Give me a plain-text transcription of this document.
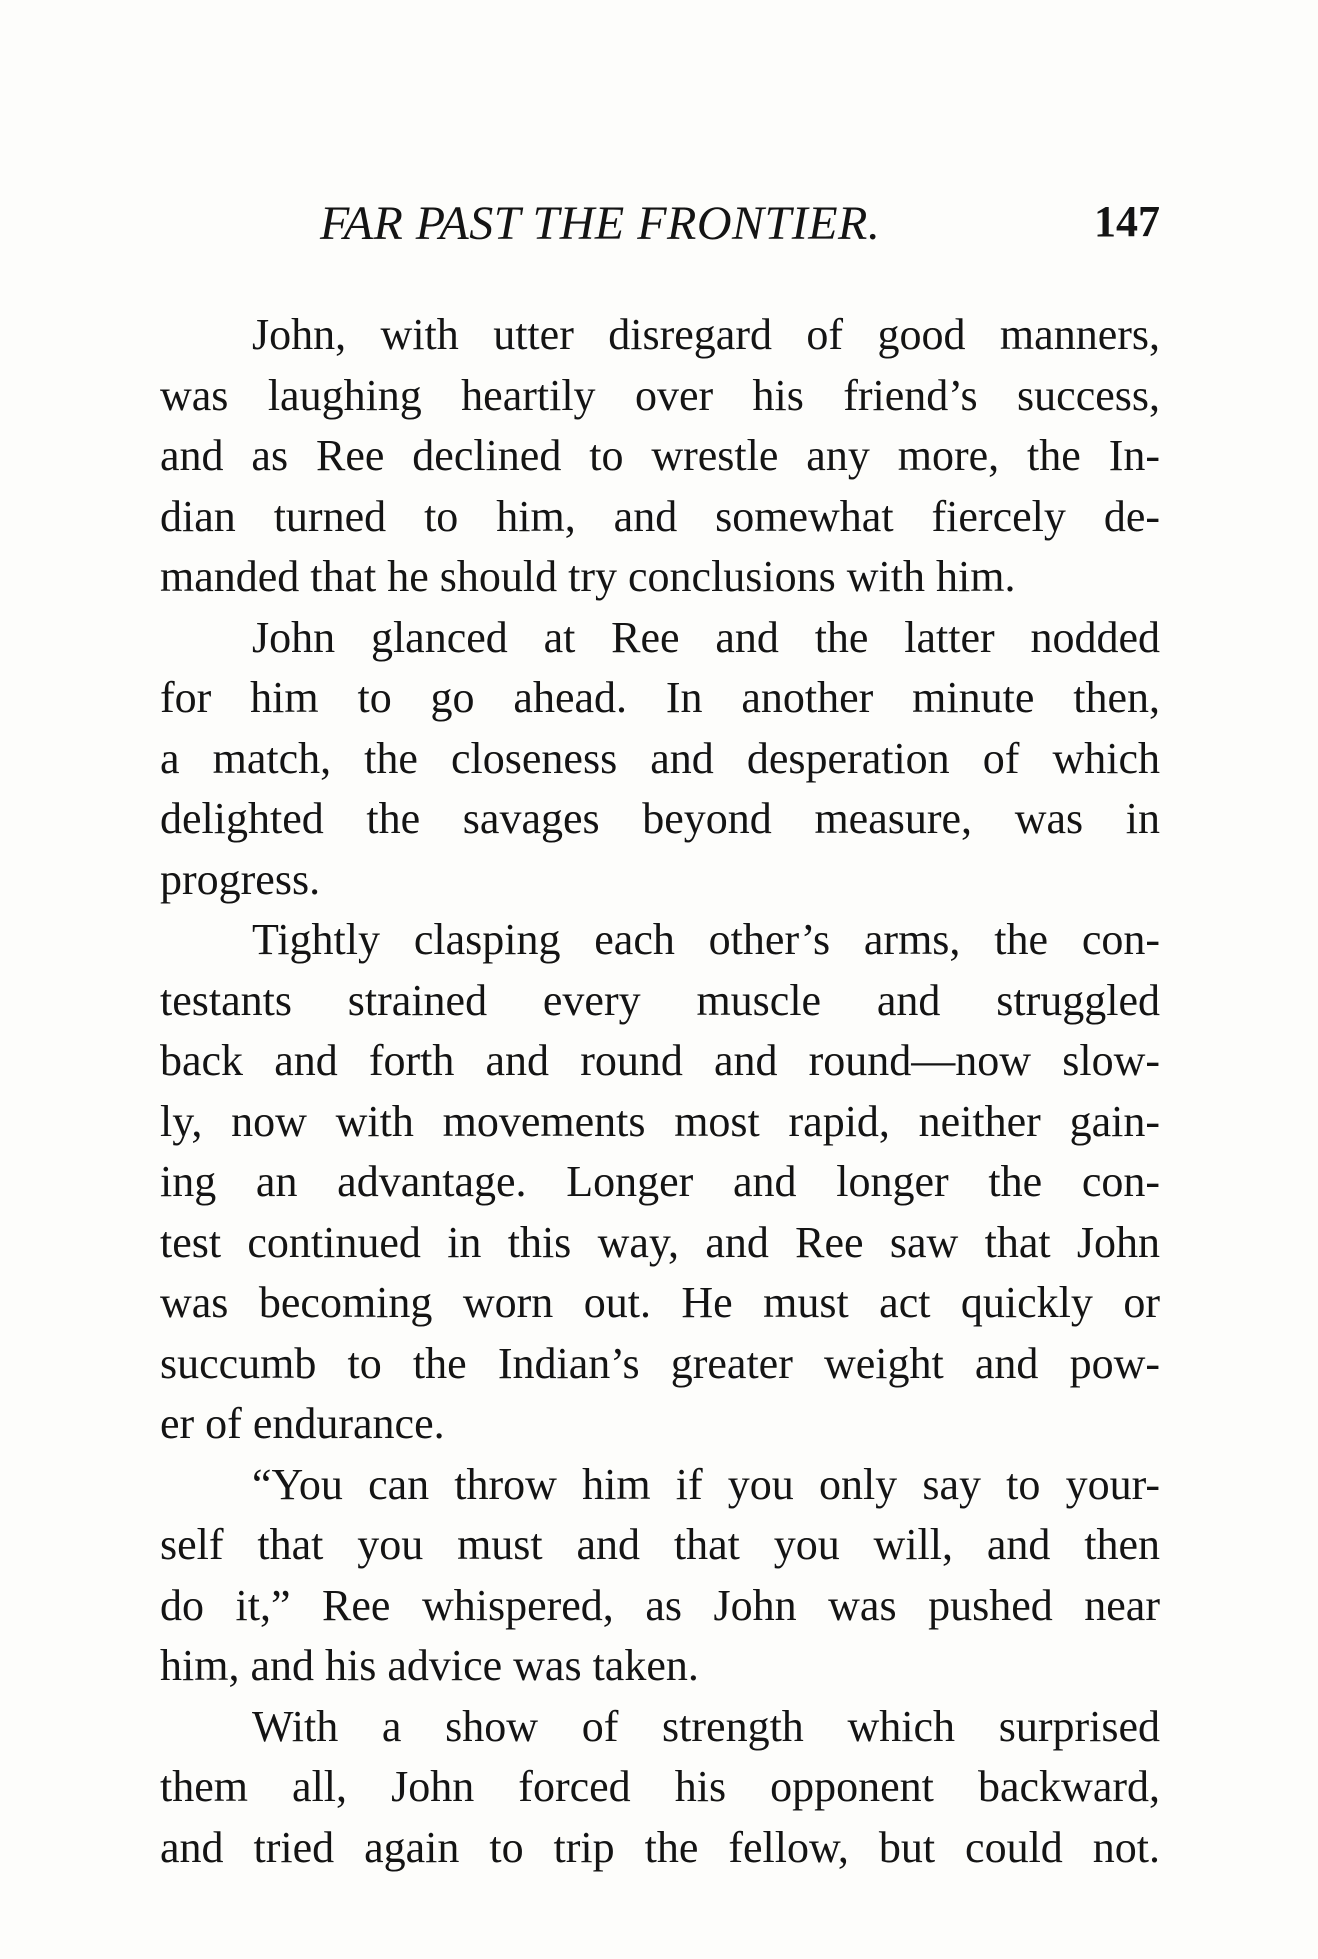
FAR PAST THE FRONTIER.	147
John, with utter disregard of good manners,
was laughing heartily over his friend’s success,
and as Ree declined to wrestle any more, the In-
dian turned to him, and somewhat fiercely de-
manded that he should try conclusions with him.
John glanced at Ree and the latter nodded
for him to go ahead. In another minute then,
a match, the closeness and desperation of which
delighted the savages beyond measure, was in
progress.
Tightly clasping each other’s arms, the con-
testants strained every muscle and struggled
back and forth and round and round—now slow-
ly, now with movements most rapid, neither gain-
ing an advantage. Longer and longer the con-
test continued in this way, and Ree saw that John
was becoming worn out. He must act quickly or
succumb to the Indian’s greater weight and pow-
er of endurance.
“You can throw him if you only say to your-
self that you must and that you will, and then
do it,” Ree whispered, as John was pushed near
him, and his advice was taken.
With a show of strength which surprised
them all, John forced his opponent backward,
and tried again to trip the fellow, but could not.
